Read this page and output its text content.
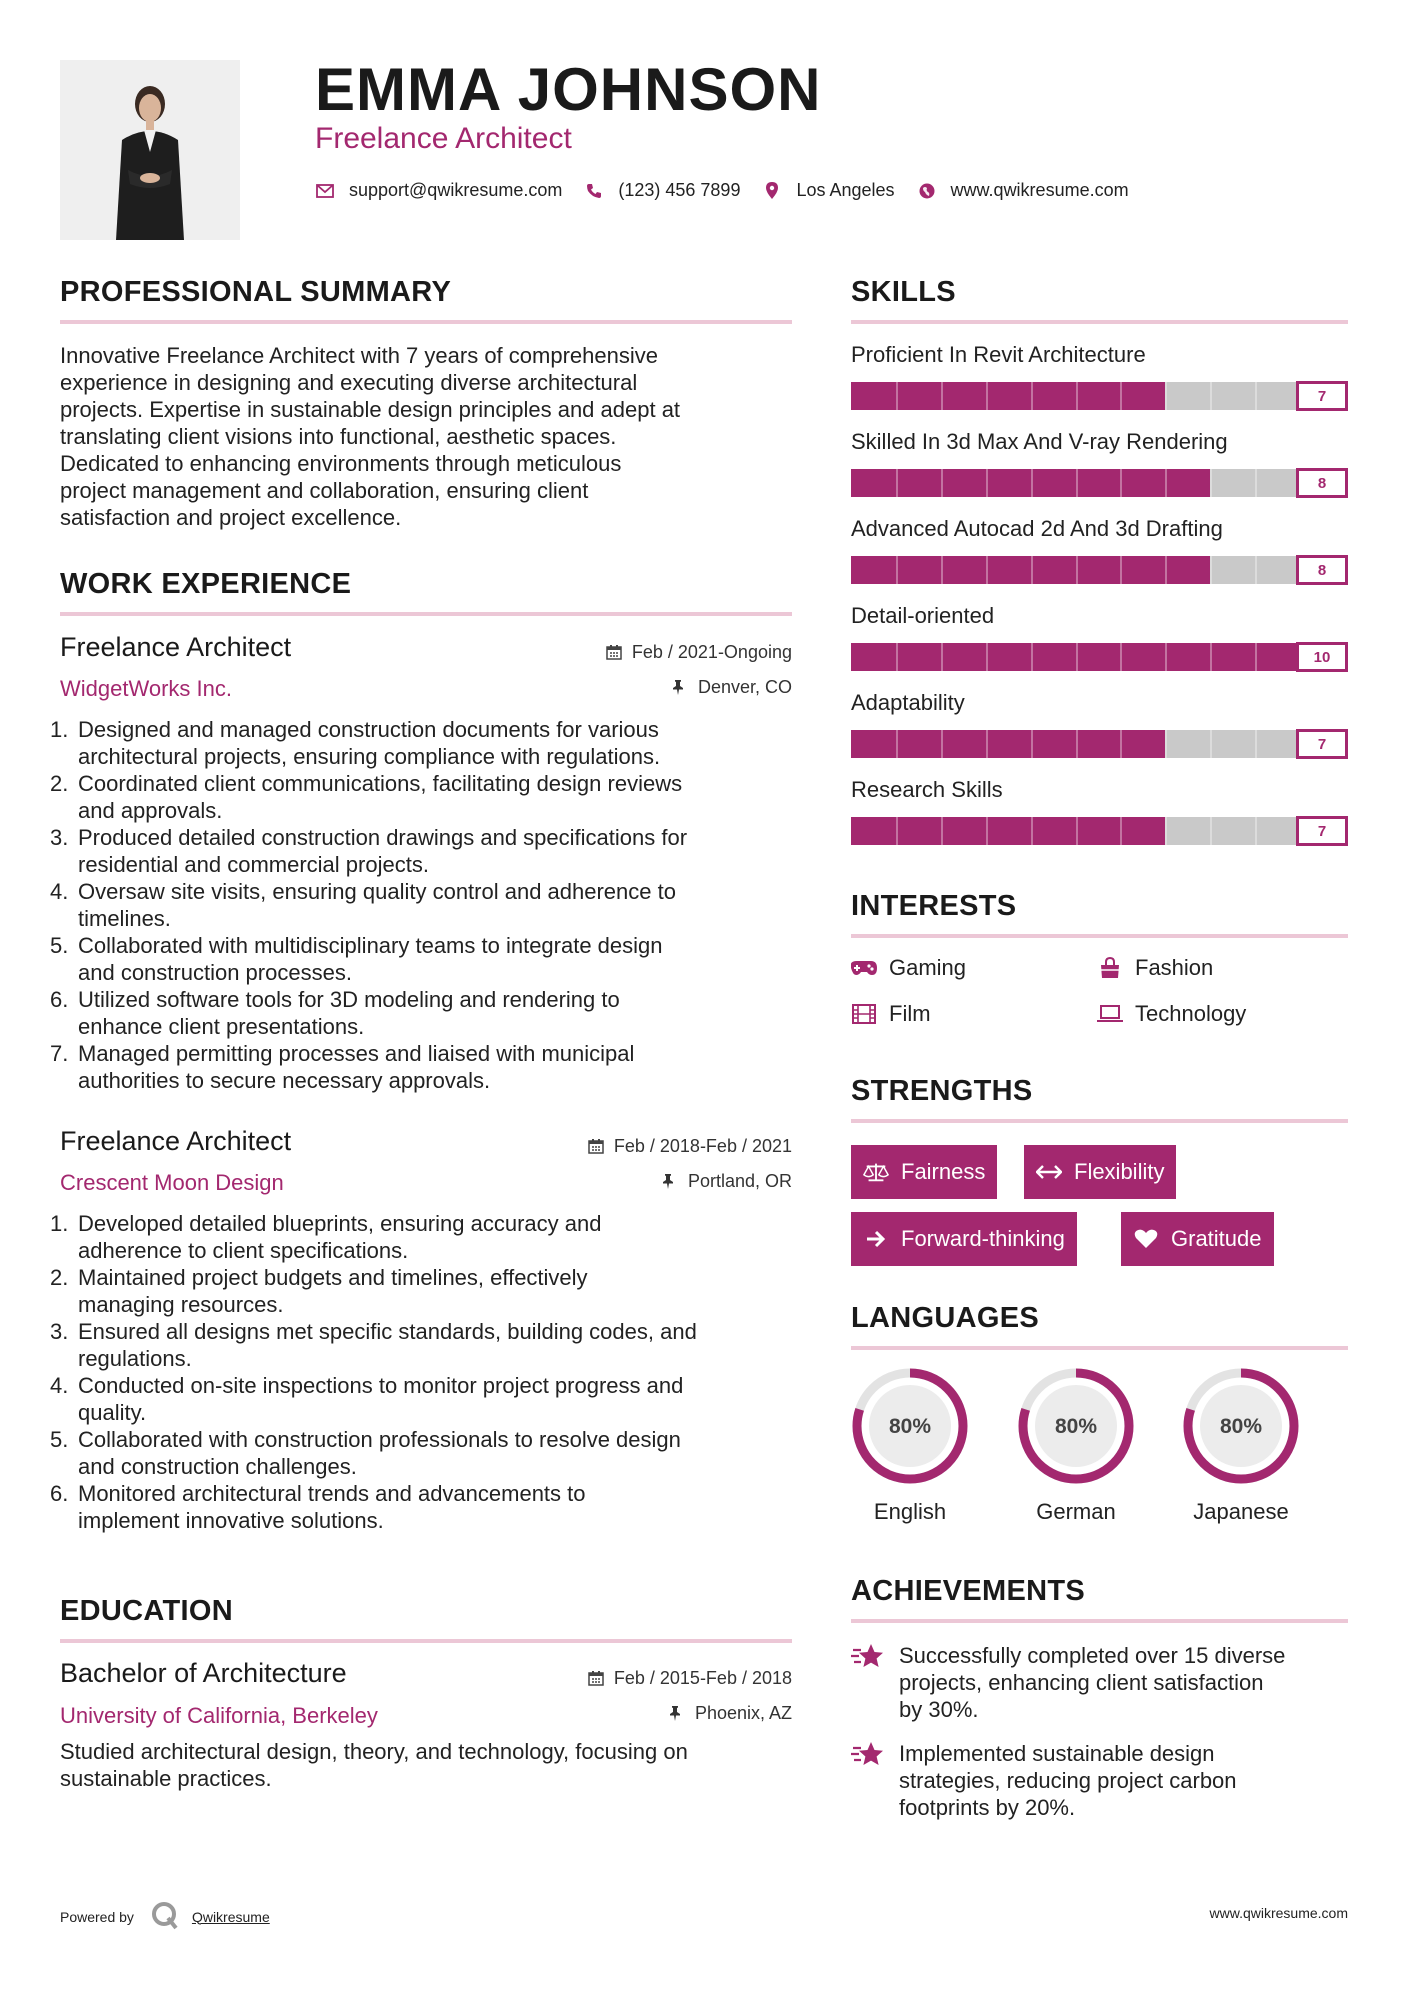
EMMA JOHNSON
Freelance Architect
support@qwikresume.com	(123) 456 7899	Los Angeles	www.qwikresume.com
PROFESSIONAL SUMMARY
Innovative Freelance Architect with 7 years of comprehensive
experience in designing and executing diverse architectural
projects. Expertise in sustainable design principles and adept at
translating client visions into functional, aesthetic spaces.
Dedicated to enhancing environments through meticulous
project management and collaboration, ensuring client
satisfaction and project excellence.
WORK EXPERIENCE
Freelance Architect	Feb / 2021-Ongoing
WidgetWorks Inc.	Denver, CO
1. Designed and managed construction documents for various
architectural projects, ensuring compliance with regulations.
2. Coordinated client communications, facilitating design reviews
and approvals.
3. Produced detailed construction drawings and specifications for
residential and commercial projects.
4. Oversaw site visits, ensuring quality control and adherence to
timelines.
5. Collaborated with multidisciplinary teams to integrate design
and construction processes.
6. Utilized software tools for 3D modeling and rendering to
enhance client presentations.
7. Managed permitting processes and liaised with municipal
authorities to secure necessary approvals.
Freelance Architect	Feb / 2018-Feb / 2021
Crescent Moon Design	Portland, OR
1. Developed detailed blueprints, ensuring accuracy and
adherence to client specifications.
2. Maintained project budgets and timelines, effectively
managing resources.
3. Ensured all designs met specific standards, building codes, and
regulations.
4. Conducted on-site inspections to monitor project progress and
quality.
5. Collaborated with construction professionals to resolve design
and construction challenges.
6. Monitored architectural trends and advancements to
implement innovative solutions.
EDUCATION
Bachelor of Architecture	Feb / 2015-Feb / 2018
University of California, Berkeley	Phoenix, AZ
Studied architectural design, theory, and technology, focusing on
sustainable practices.
SKILLS
Proficient In Revit Architecture
7
Skilled In 3d Max And V-ray Rendering
8
Advanced Autocad 2d And 3d Drafting
8
Detail-oriented
10
Adaptability
7
Research Skills
7
INTERESTS
Gaming	Fashion
Film	Technology
STRENGTHS
Fairness	Flexibility
Forward-thinking	Gratitude
LANGUAGES
80%
English
80%
German
80%
Japanese
ACHIEVEMENTS
Successfully completed over 15 diverse
projects, enhancing client satisfaction
by 30%.
Implemented sustainable design
strategies, reducing project carbon
footprints by 20%.
Powered by	Qwikresume	www.qwikresume.com
